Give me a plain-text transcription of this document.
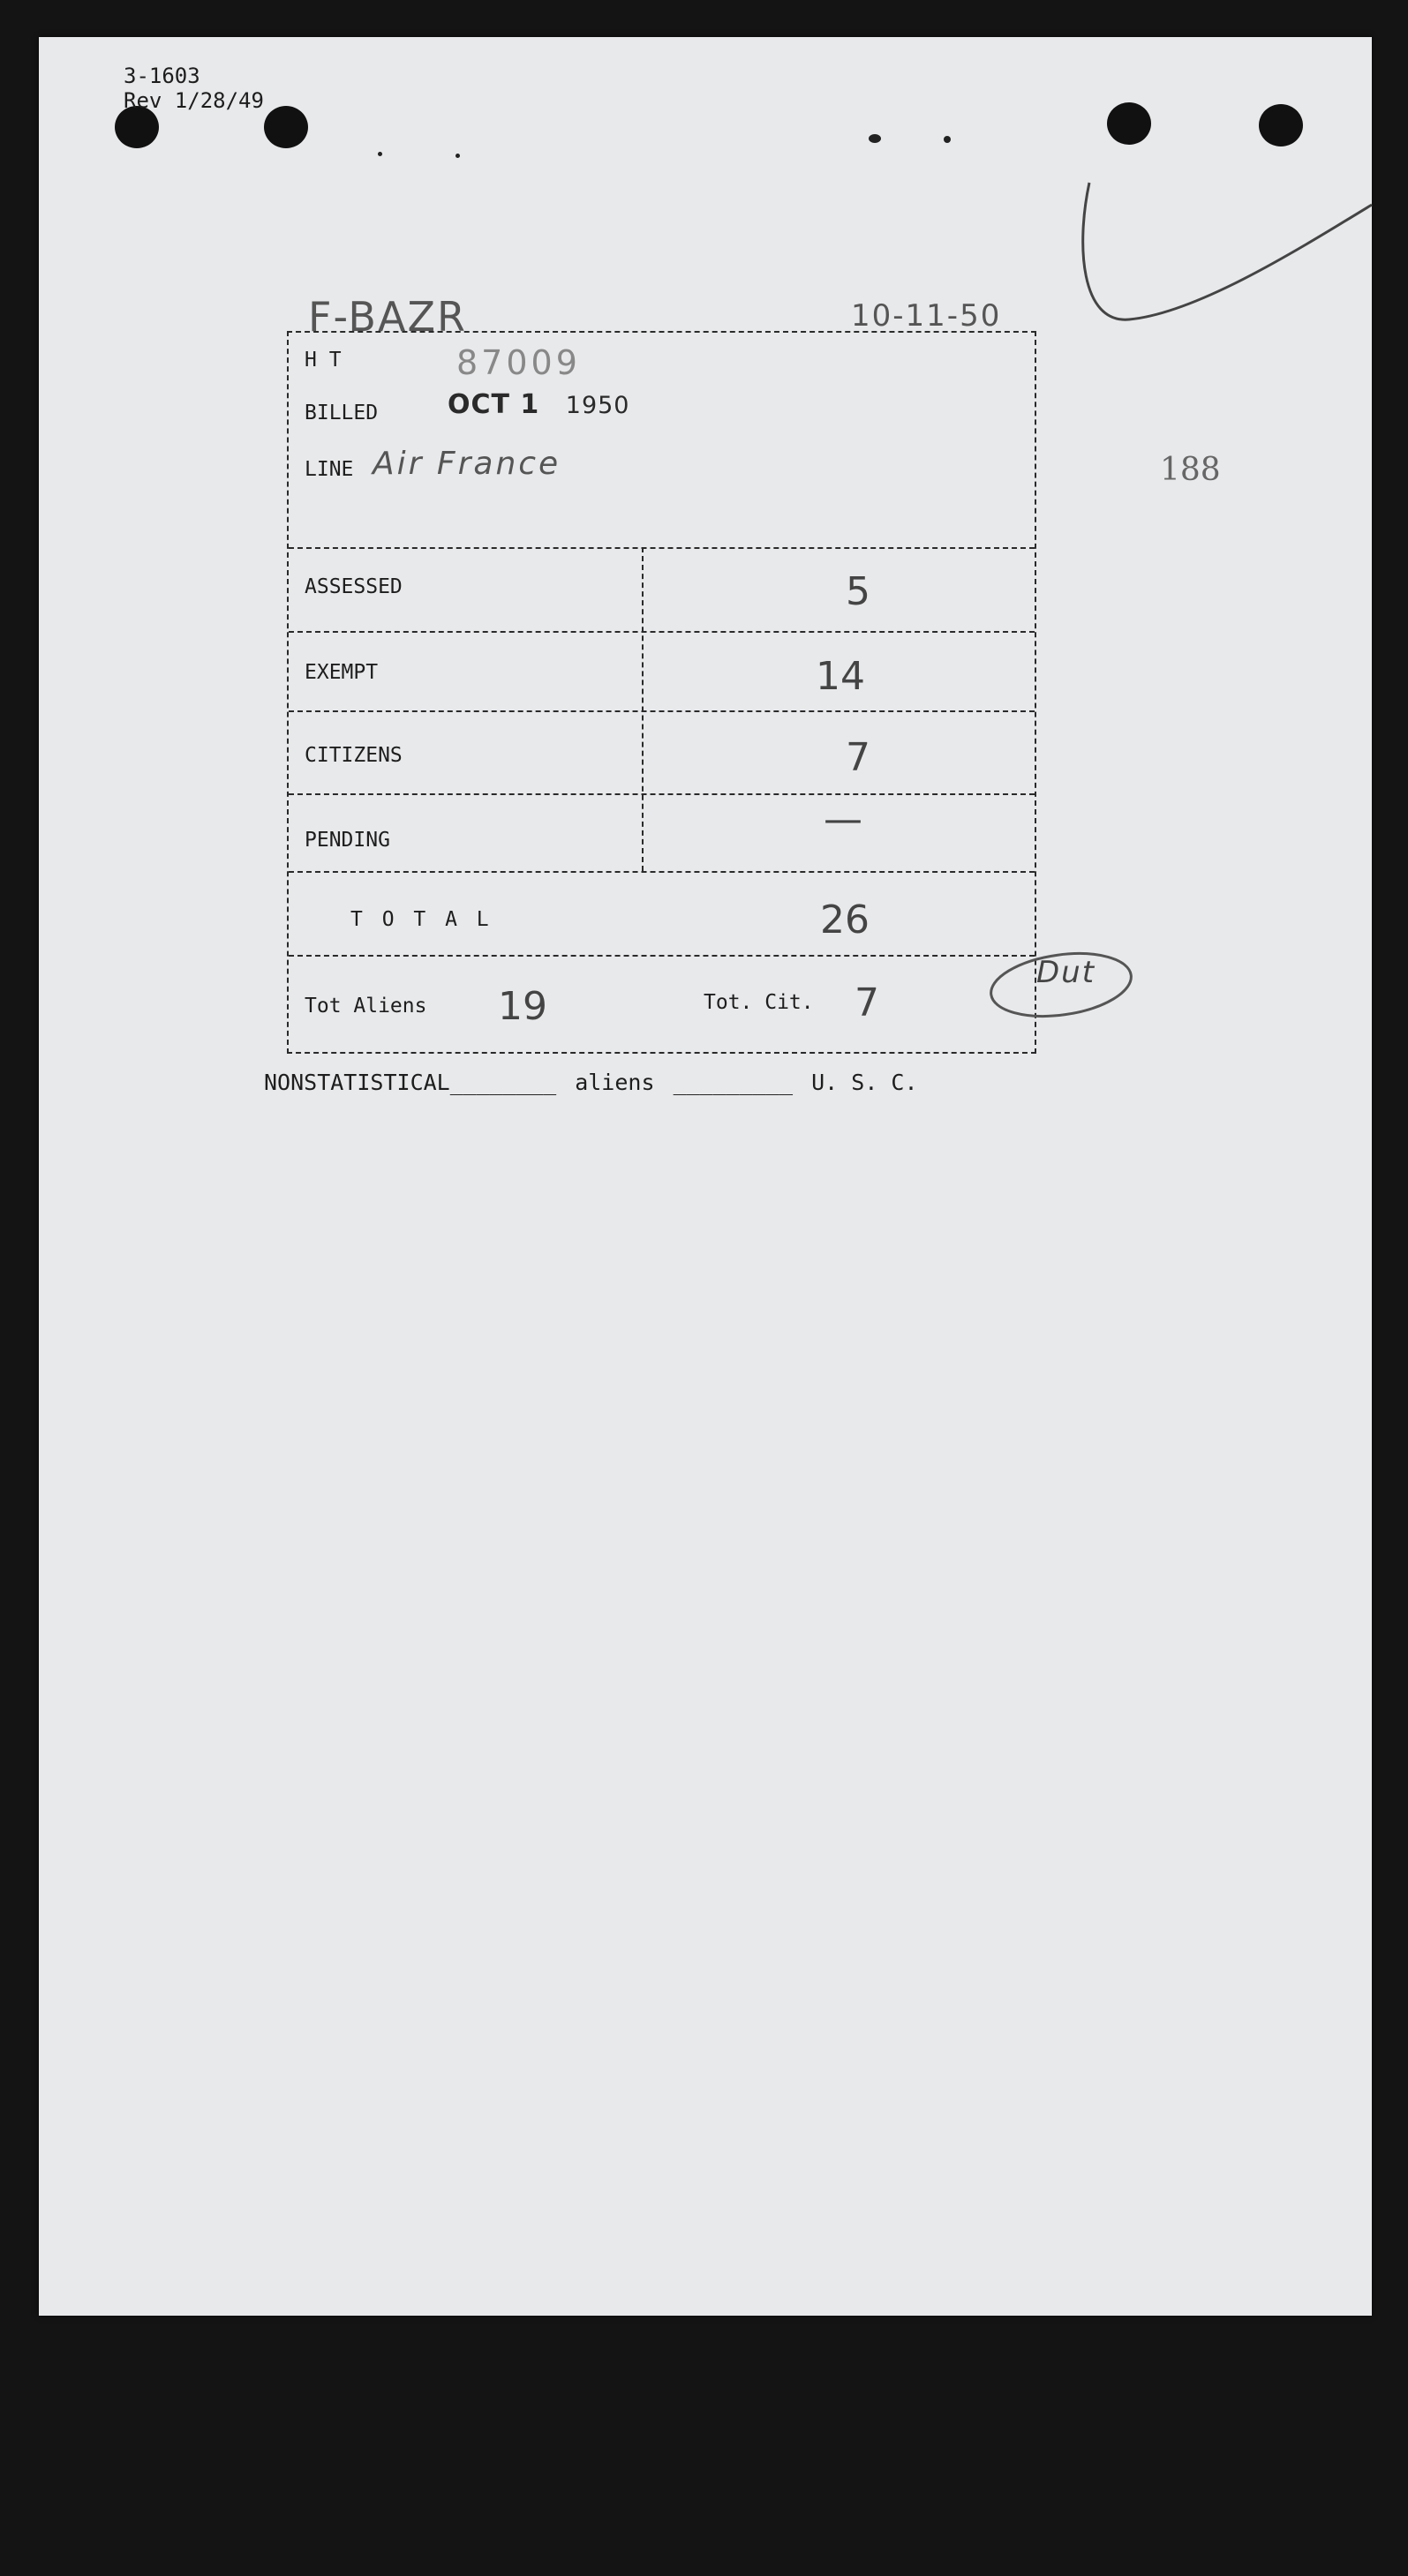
3-1603
Rev 1/28/49
F-BAZR	10-11-50
188
H T	87009
BILLED	OCT 1 1950
LINE Air France
ASSESSED	5
EXEMPT	14
CITIZENS	7
PENDING	—
T O T A L	26
Tot Aliens	19	Tot. Cit.	7
Dut
NONSTATISTICAL________ aliens _________ U. S. C.
